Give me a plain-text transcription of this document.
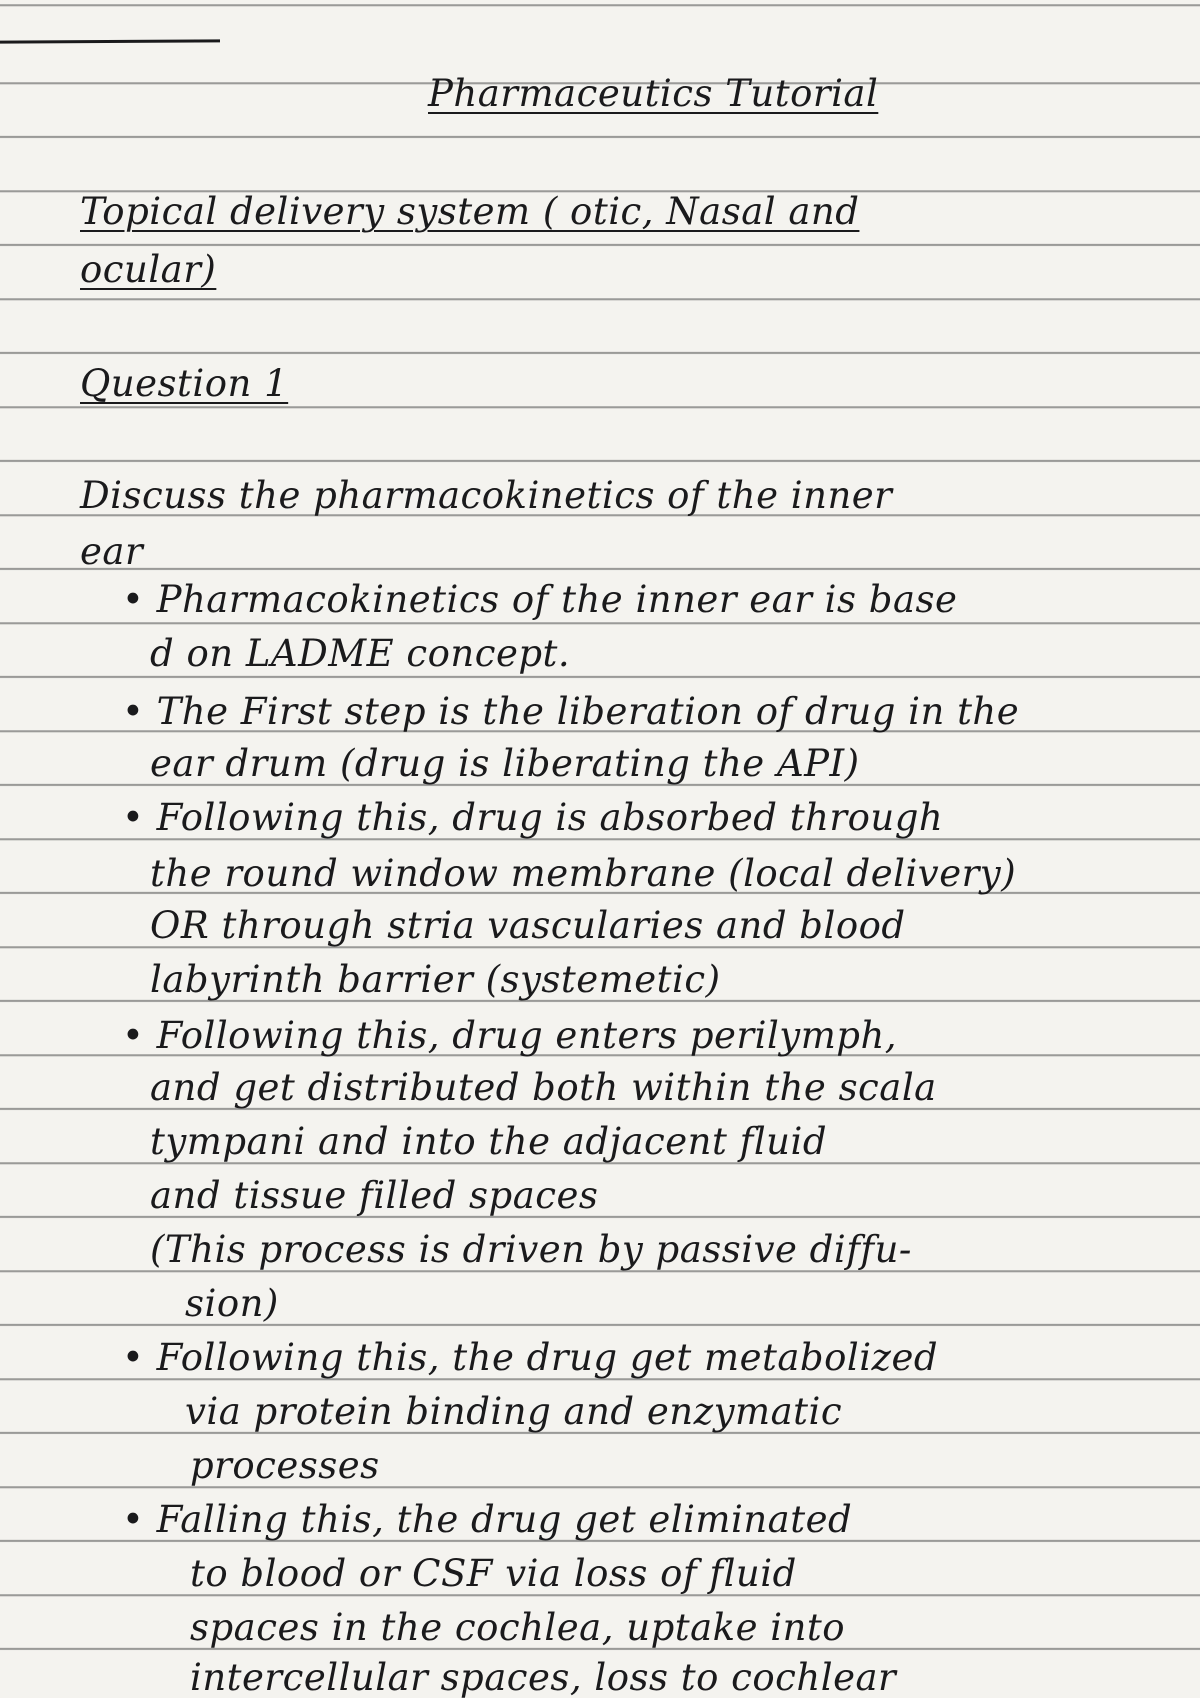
Pharmaceutics Tutorial
Topical delivery system ( otic, Nasal and
ocular)
Question 1
Discuss the pharmacokinetics of the inner
ear
• Pharmacokinetics of the inner ear is base
d on LADME concept.
• The First step is the liberation of drug in the
ear drum (drug is liberating the API)
• Following this, drug is absorbed through
the round window membrane (local delivery)
OR through stria vascularies and blood
labyrinth barrier (systemetic)
• Following this, drug enters perilymph,
and get distributed both within the scala
tympani and into the adjacent fluid
and tissue filled spaces
(This process is driven by passive diffu-
sion)
• Following this, the drug get metabolized
via protein binding and enzymatic
processes
• Falling this, the drug get eliminated
to blood or CSF via loss of fluid
spaces in the cochlea, uptake into
intercellular spaces, loss to cochlear
